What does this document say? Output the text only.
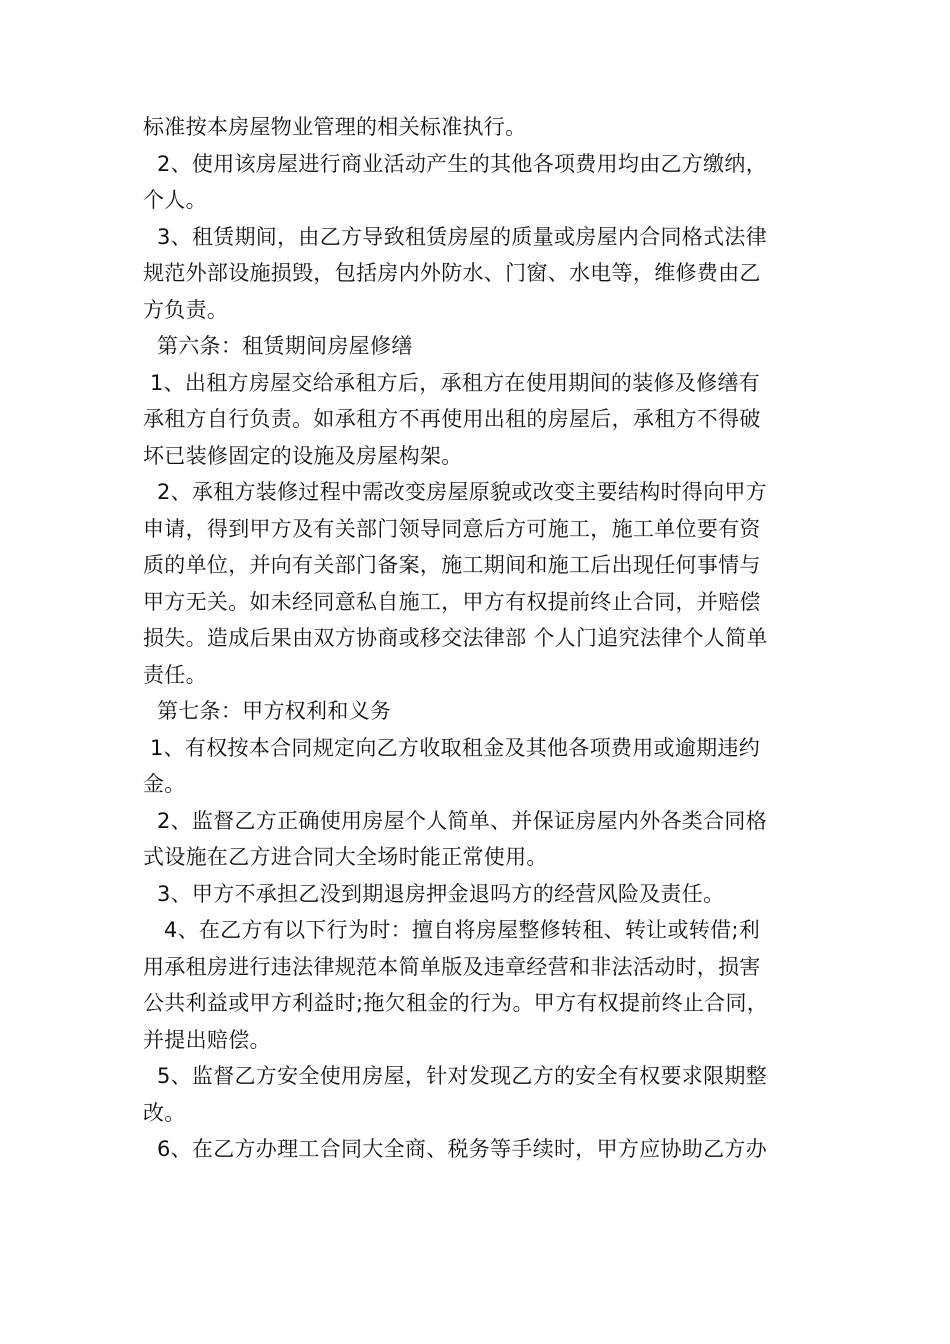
标准按本房屋物业管理的相关标准执行。
2、使用该房屋进行商业活动产生的其他各项费用均由乙方缴纳，
个人。
3、租赁期间，由乙方导致租赁房屋的质量或房屋内合同格式法律
规范外部设施损毁，包括房内外防水、门窗、水电等，维修费由乙
方负责。
第六条：租赁期间房屋修缮
1、出租方房屋交给承租方后，承租方在使用期间的装修及修缮有
承租方自行负责。如承租方不再使用出租的房屋后，承租方不得破
坏已装修固定的设施及房屋构架。
2、承租方装修过程中需改变房屋原貌或改变主要结构时得向甲方
申请，得到甲方及有关部门领导同意后方可施工，施工单位要有资
质的单位，并向有关部门备案，施工期间和施工后出现任何事情与
甲方无关。如未经同意私自施工，甲方有权提前终止合同，并赔偿
损失。造成后果由双方协商或移交法律部 个人门追究法律个人简单
责任。
第七条：甲方权利和义务
1、有权按本合同规定向乙方收取租金及其他各项费用或逾期违约
金。
2、监督乙方正确使用房屋个人简单、并保证房屋内外各类合同格
式设施在乙方进合同大全场时能正常使用。
3、甲方不承担乙没到期退房押金退吗方的经营风险及责任。
4、在乙方有以下行为时：擅自将房屋整修转租、转让或转借;利
用承租房进行违法律规范本简单版及违章经营和非法活动时，损害
公共利益或甲方利益时;拖欠租金的行为。甲方有权提前终止合同，
并提出赔偿。
5、监督乙方安全使用房屋，针对发现乙方的安全有权要求限期整
改。
6、在乙方办理工合同大全商、税务等手续时，甲方应协助乙方办
